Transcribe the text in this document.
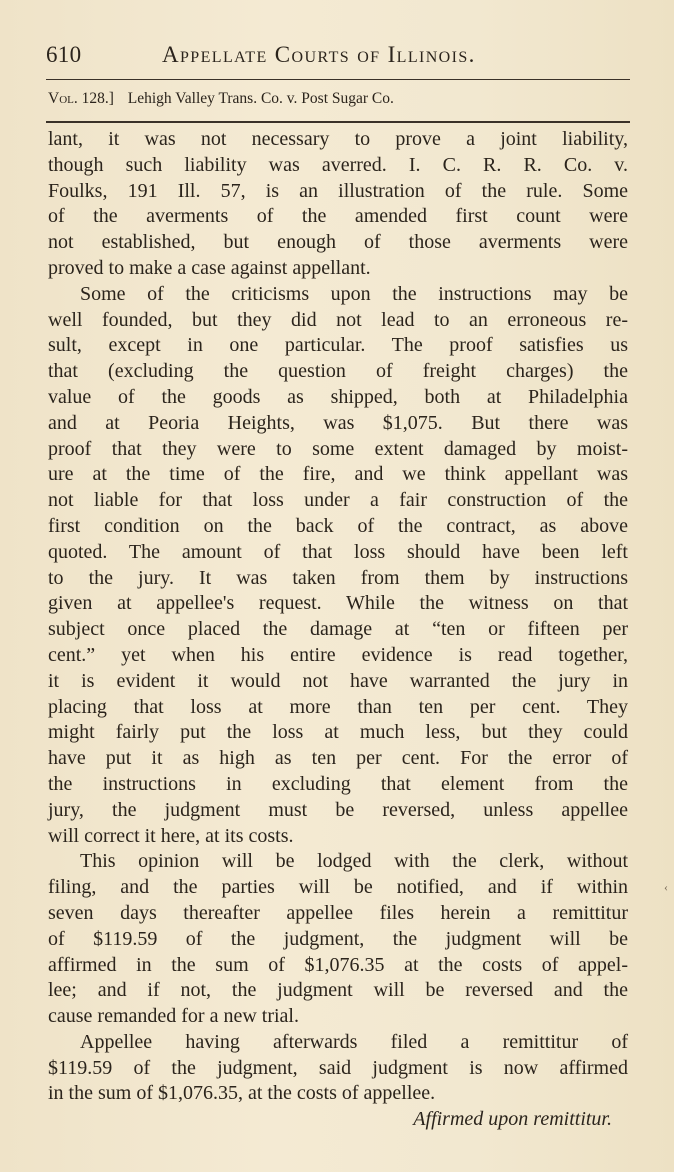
610	Appellate Courts of Illinois.
Vol. 128.] Lehigh Valley Trans. Co. v. Post Sugar Co.
lant, it was not necessary to prove a joint liability,
though such liability was averred. I. C. R. R. Co. v.
Foulks, 191 Ill. 57, is an illustration of the rule. Some
of the averments of the amended first count were
not established, but enough of those averments were
proved to make a case against appellant.
Some of the criticisms upon the instructions may be
well founded, but they did not lead to an erroneous re-
sult, except in one particular. The proof satisfies us
that (excluding the question of freight charges) the
value of the goods as shipped, both at Philadelphia
and at Peoria Heights, was $1,075. But there was
proof that they were to some extent damaged by moist-
ure at the time of the fire, and we think appellant was
not liable for that loss under a fair construction of the
first condition on the back of the contract, as above
quoted. The amount of that loss should have been left
to the jury. It was taken from them by instructions
given at appellee's request. While the witness on that
subject once placed the damage at “ten or fifteen per
cent.” yet when his entire evidence is read together,
it is evident it would not have warranted the jury in
placing that loss at more than ten per cent. They
might fairly put the loss at much less, but they could
have put it as high as ten per cent. For the error of
the instructions in excluding that element from the
jury, the judgment must be reversed, unless appellee
will correct it here, at its costs.
This opinion will be lodged with the clerk, without
filing, and the parties will be notified, and if within
seven days thereafter appellee files herein a remittitur
of $119.59 of the judgment, the judgment will be
affirmed in the sum of $1,076.35 at the costs of appel-
lee; and if not, the judgment will be reversed and the
cause remanded for a new trial.
Appellee having afterwards filed a remittitur of
$119.59 of the judgment, said judgment is now affirmed
in the sum of $1,076.35, at the costs of appellee.
Affirmed upon remittitur.
‹
